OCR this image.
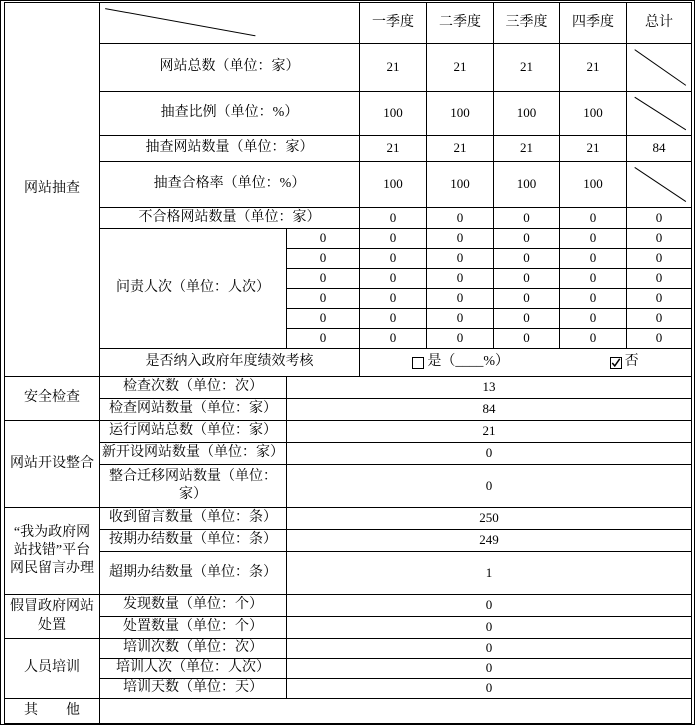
网站抽查			一季度	二季度	三季度	四季度	总计
	网站总数（单位：家）		21	21	21	21	

	抽查比例（单位：%）		100	100	100	100	

	抽查网站数量（单位：家）		21	21	21	21	84
	抽查合格率（单位：%）		100	100	100	100	

	不合格网站数量（单位：家）		0	0	0	0	0
	问责人次（单位：人次）	0	0	0	0	0	0
		0	0	0	0	0	0
		0	0	0	0	0	0
		0	0	0	0	0	0
		0	0	0	0	0	0
		0	0	0	0	0	0
	是否纳入政府年度绩效考核		是（____%） 否				

安全检查	检查次数（单位：次）	13					
	检查网站数量（单位：家）	84					
网站开设整合	运行网站总数（单位：家）	21					
	新开设网站数量（单位：家）	0					
	整合迁移网站数量（单位：家）	0					
“我为政府网站找错”平台网民留言办理	收到留言数量（单位：条）	250					
	按期办结数量（单位：条）	249					
	超期办结数量（单位：条）	1					
假冒政府网站处置	发现数量（单位：个）	0					
	处置数量（单位：个）	0					
人员培训	培训次数（单位：次）	0					
	培训人次（单位：人次）	0					
	培训天数（单位：天）	0					
其　　他							
